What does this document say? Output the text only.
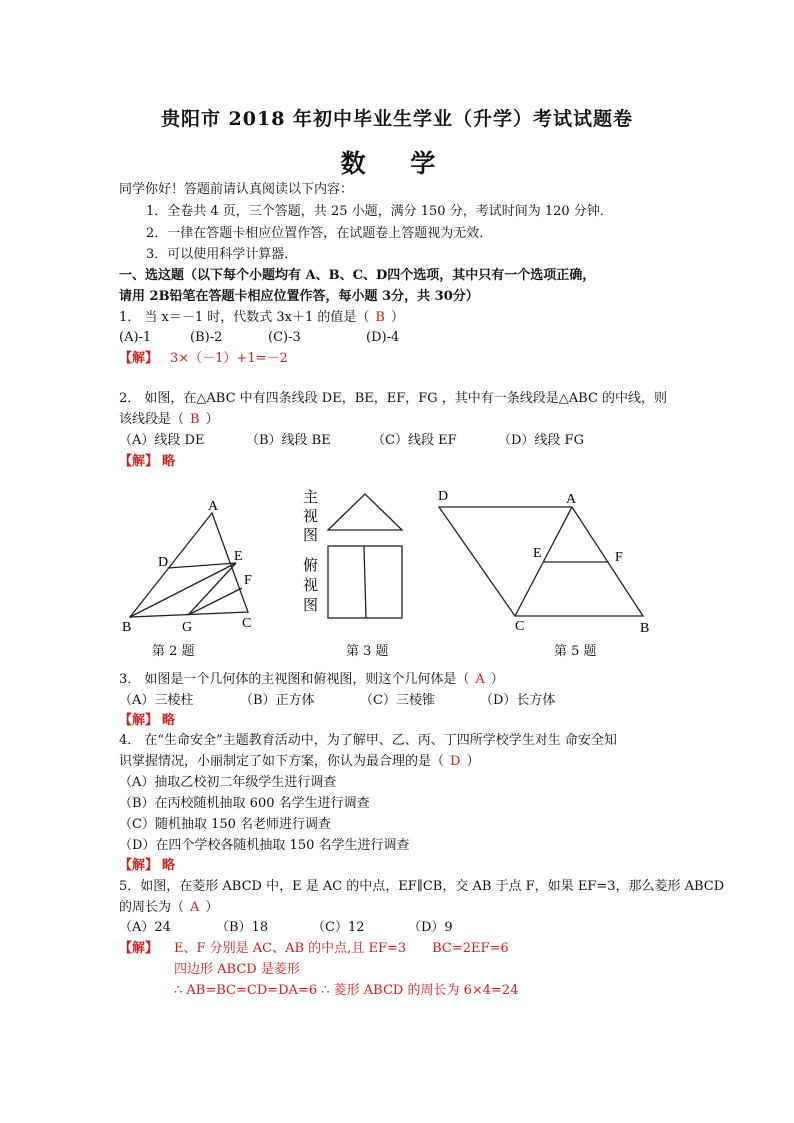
贵阳市 2018 年初中毕业生学业（升学）考试试题卷
数 学
同学你好！答题前请认真阅读以下内容：
1．全卷共 4 页，三个答题，共 25 小题，满分 150 分，考试时间为 120 分钟．
2．一律在答题卡相应位置作答，在试题卷上答题视为无效．
3．可以使用科学计算器．
一、选这题（以下每个小题均有 A、B、C、D四个选项，其中只有一个选项正确，
请用 2B铅笔在答题卡相应位置作答，每小题 3分，共 30分）
1． 当 x＝－1 时，代数式 3x＋1 的值是（ B ）
(A)-1	(B)-2	(C)-3	(D)-4
【解】 3×（－1）+1=－2
2． 如图，在△ABC 中有四条线段 DE，BE，EF，FG ，其中有一条线段是△ABC 的中线，则
该线段是（ B ）
（A）线段 DE	（B）线段 BE	（C）线段 EF	（D）线段 FG
【解】 略
A
D	E
F
B	G	C
第 2 题
主
视
图
俯
视
图
第 3 题
D	A
E	F
C	B
第 5 题
3． 如图是一个几何体的主视图和俯视图，则这个几何体是（ A ）
（A）三棱柱	（B）正方体	（C）三棱锥	（D）长方体
【解】 略
4． 在“生命安全”主题教育活动中，为了解甲、乙、丙、丁四所学校学生对生 命安全知
识掌握情况，小丽制定了如下方案，你认为最合理的是（ D ）
（A）抽取乙校初二年级学生进行调查
（B）在丙校随机抽取 600 名学生进行调查
（C）随机抽取 150 名老师进行调查
（D）在四个学校各随机抽取 150 名学生进行调查
【解】 略
5．如图，在菱形 ABCD 中，E 是 AC 的中点，EF∥CB，交 AB 于点 F，如果 EF=3，那么菱形 ABCD
的周长为（ A ）
（A）24	（B）18	（C）12	（D）9
【解】 E、F 分别是 AC、AB 的中点,且 EF=3　　BC=2EF=6
四边形 ABCD 是菱形
∴ AB=BC=CD=DA=6 ∴ 菱形 ABCD 的周长为 6×4=24
